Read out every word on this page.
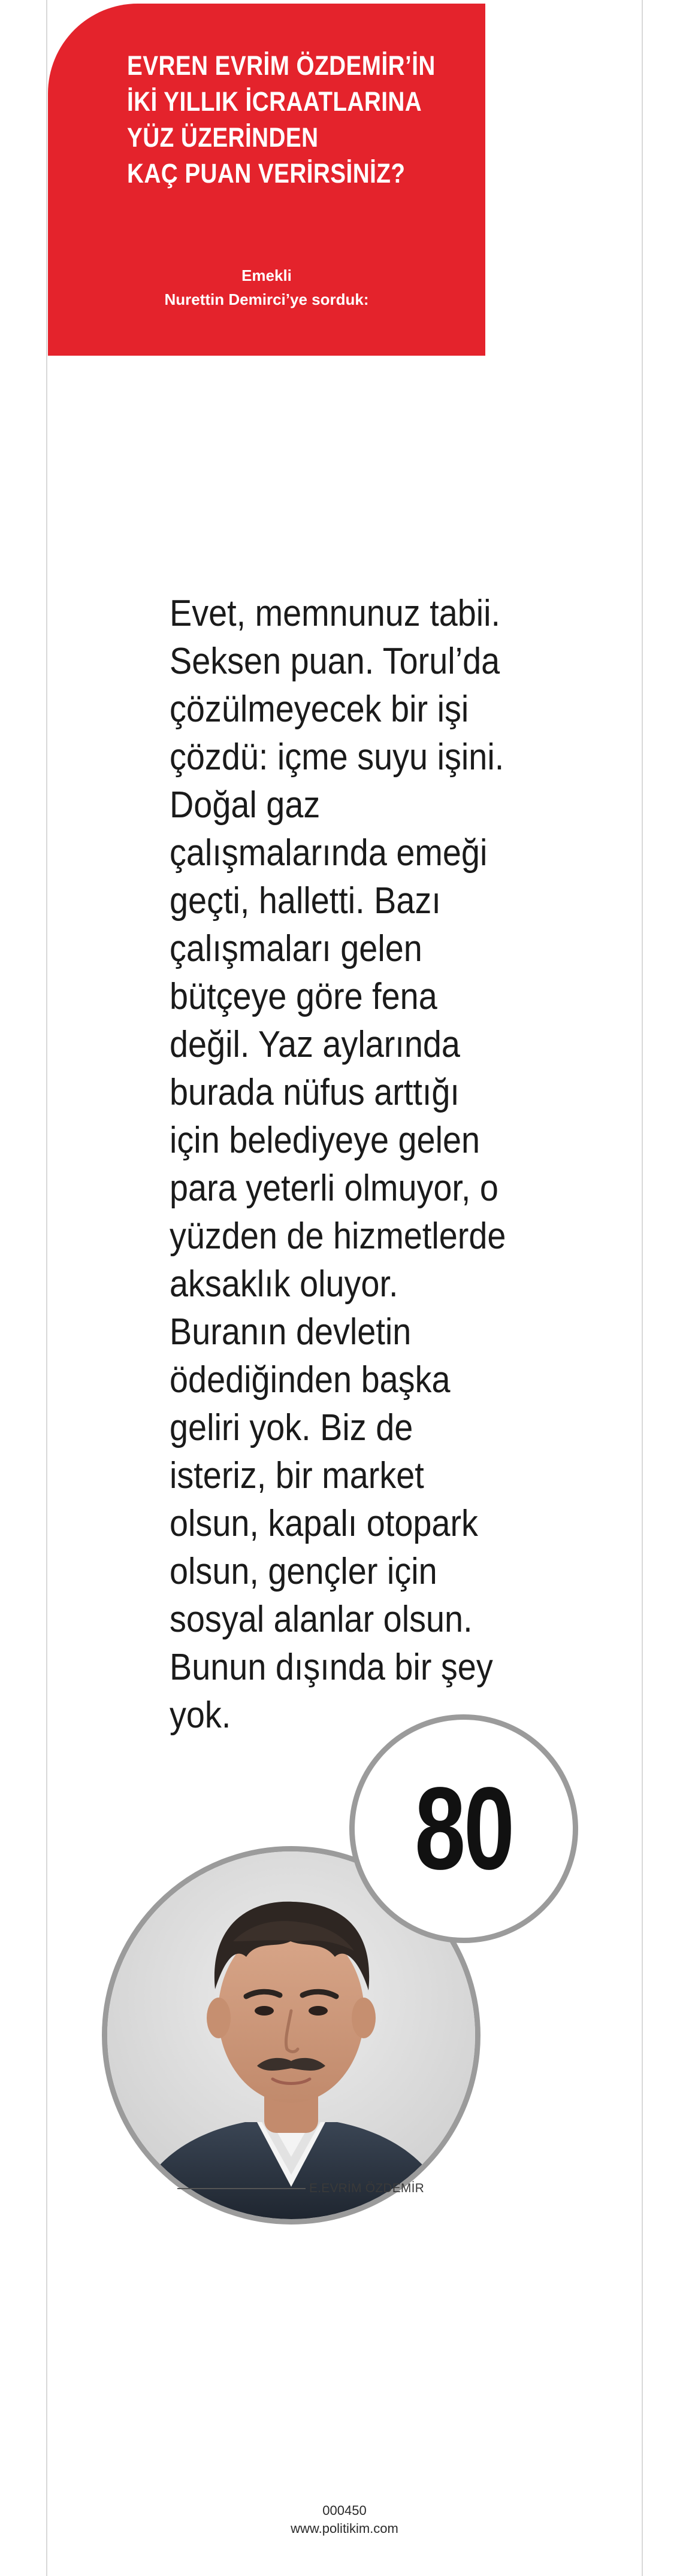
EVREN EVRİM ÖZDEMİR’İN
İKİ YILLIK İCRAATLARINA
YÜZ ÜZERİNDEN
KAÇ PUAN VERİRSİNİZ?
Emekli
Nurettin Demirci’ye sorduk:

Evet, memnunuz tabii. Seksen puan. Torul’da çözülmeyecek bir işi çözdü: içme suyu işini. Doğal gaz çalışmalarında emeği geçti, halletti. Bazı çalışmaları gelen bütçeye göre fena değil. Yaz aylarında burada nüfus arttığı için belediyeye gelen para yeterli olmuyor, o yüzden de hizmetlerde aksaklık oluyor. Buranın devletin ödediğinden başka geliri yok. Biz de isteriz, bir market olsun, kapalı otopark olsun, gençler için sosyal alanlar olsun. Bunun dışında bir şey yok.

80
E.EVRİM ÖZDEMİR
000450
www.politikim.com
